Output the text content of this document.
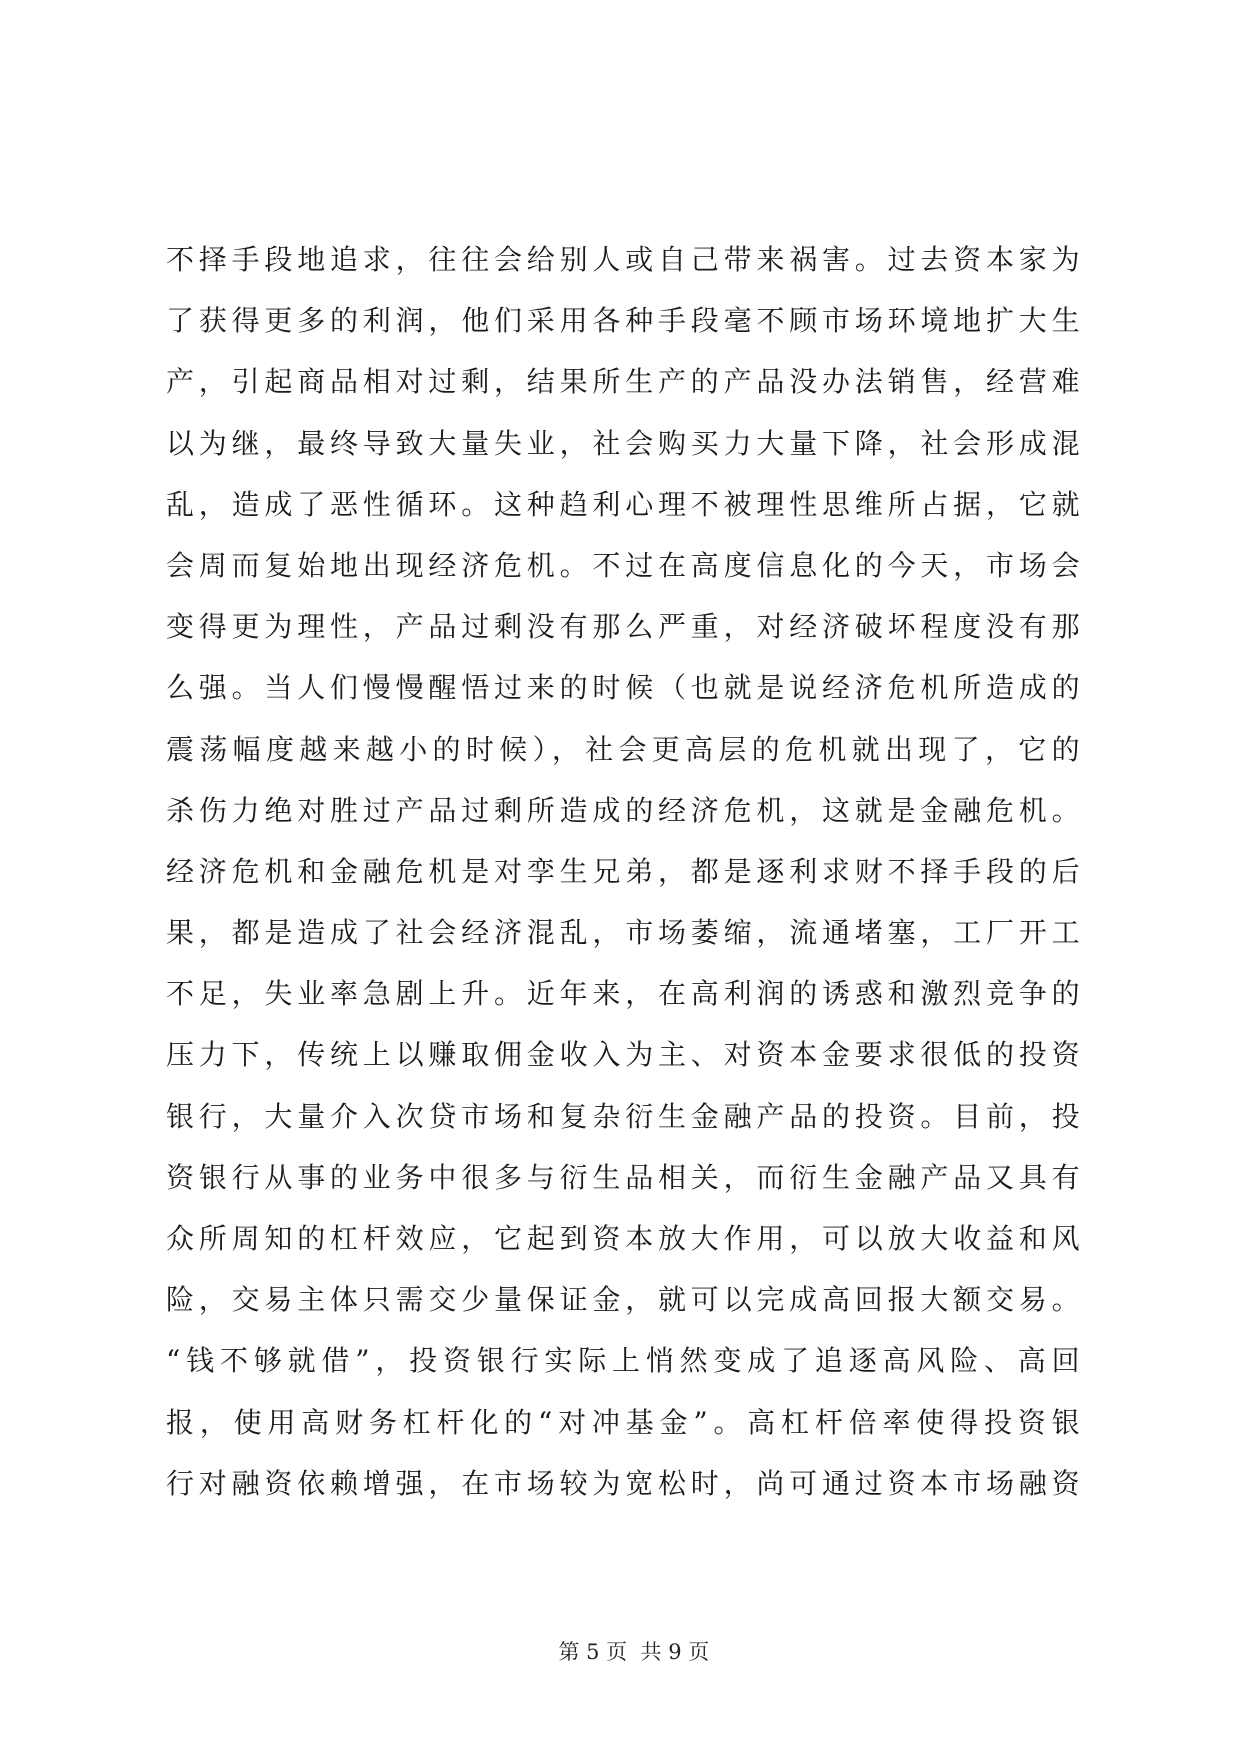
不择手段地追求，往往会给别人或自己带来祸害。过去资本家为
了获得更多的利润，他们采用各种手段毫不顾市场环境地扩大生
产，引起商品相对过剩，结果所生产的产品没办法销售，经营难
以为继，最终导致大量失业，社会购买力大量下降，社会形成混
乱，造成了恶性循环。这种趋利心理不被理性思维所占据，它就
会周而复始地出现经济危机。不过在高度信息化的今天，市场会
变得更为理性，产品过剩没有那么严重，对经济破坏程度没有那
么强。当人们慢慢醒悟过来的时候（也就是说经济危机所造成的
震荡幅度越来越小的时候），社会更高层的危机就出现了，它的
杀伤力绝对胜过产品过剩所造成的经济危机，这就是金融危机。
经济危机和金融危机是对孪生兄弟，都是逐利求财不择手段的后
果，都是造成了社会经济混乱，市场萎缩，流通堵塞，工厂开工
不足，失业率急剧上升。近年来，在高利润的诱惑和激烈竞争的
压力下，传统上以赚取佣金收入为主、对资本金要求很低的投资
银行，大量介入次贷市场和复杂衍生金融产品的投资。目前，投
资银行从事的业务中很多与衍生品相关，而衍生金融产品又具有
众所周知的杠杆效应，它起到资本放大作用，可以放大收益和风
险，交易主体只需交少量保证金，就可以完成高回报大额交易。
“钱不够就借”，投资银行实际上悄然变成了追逐高风险、高回
报，使用高财务杠杆化的“对冲基金”。高杠杆倍率使得投资银
行对融资依赖增强，在市场较为宽松时，尚可通过资本市场融资

第 5 页  共 9 页
